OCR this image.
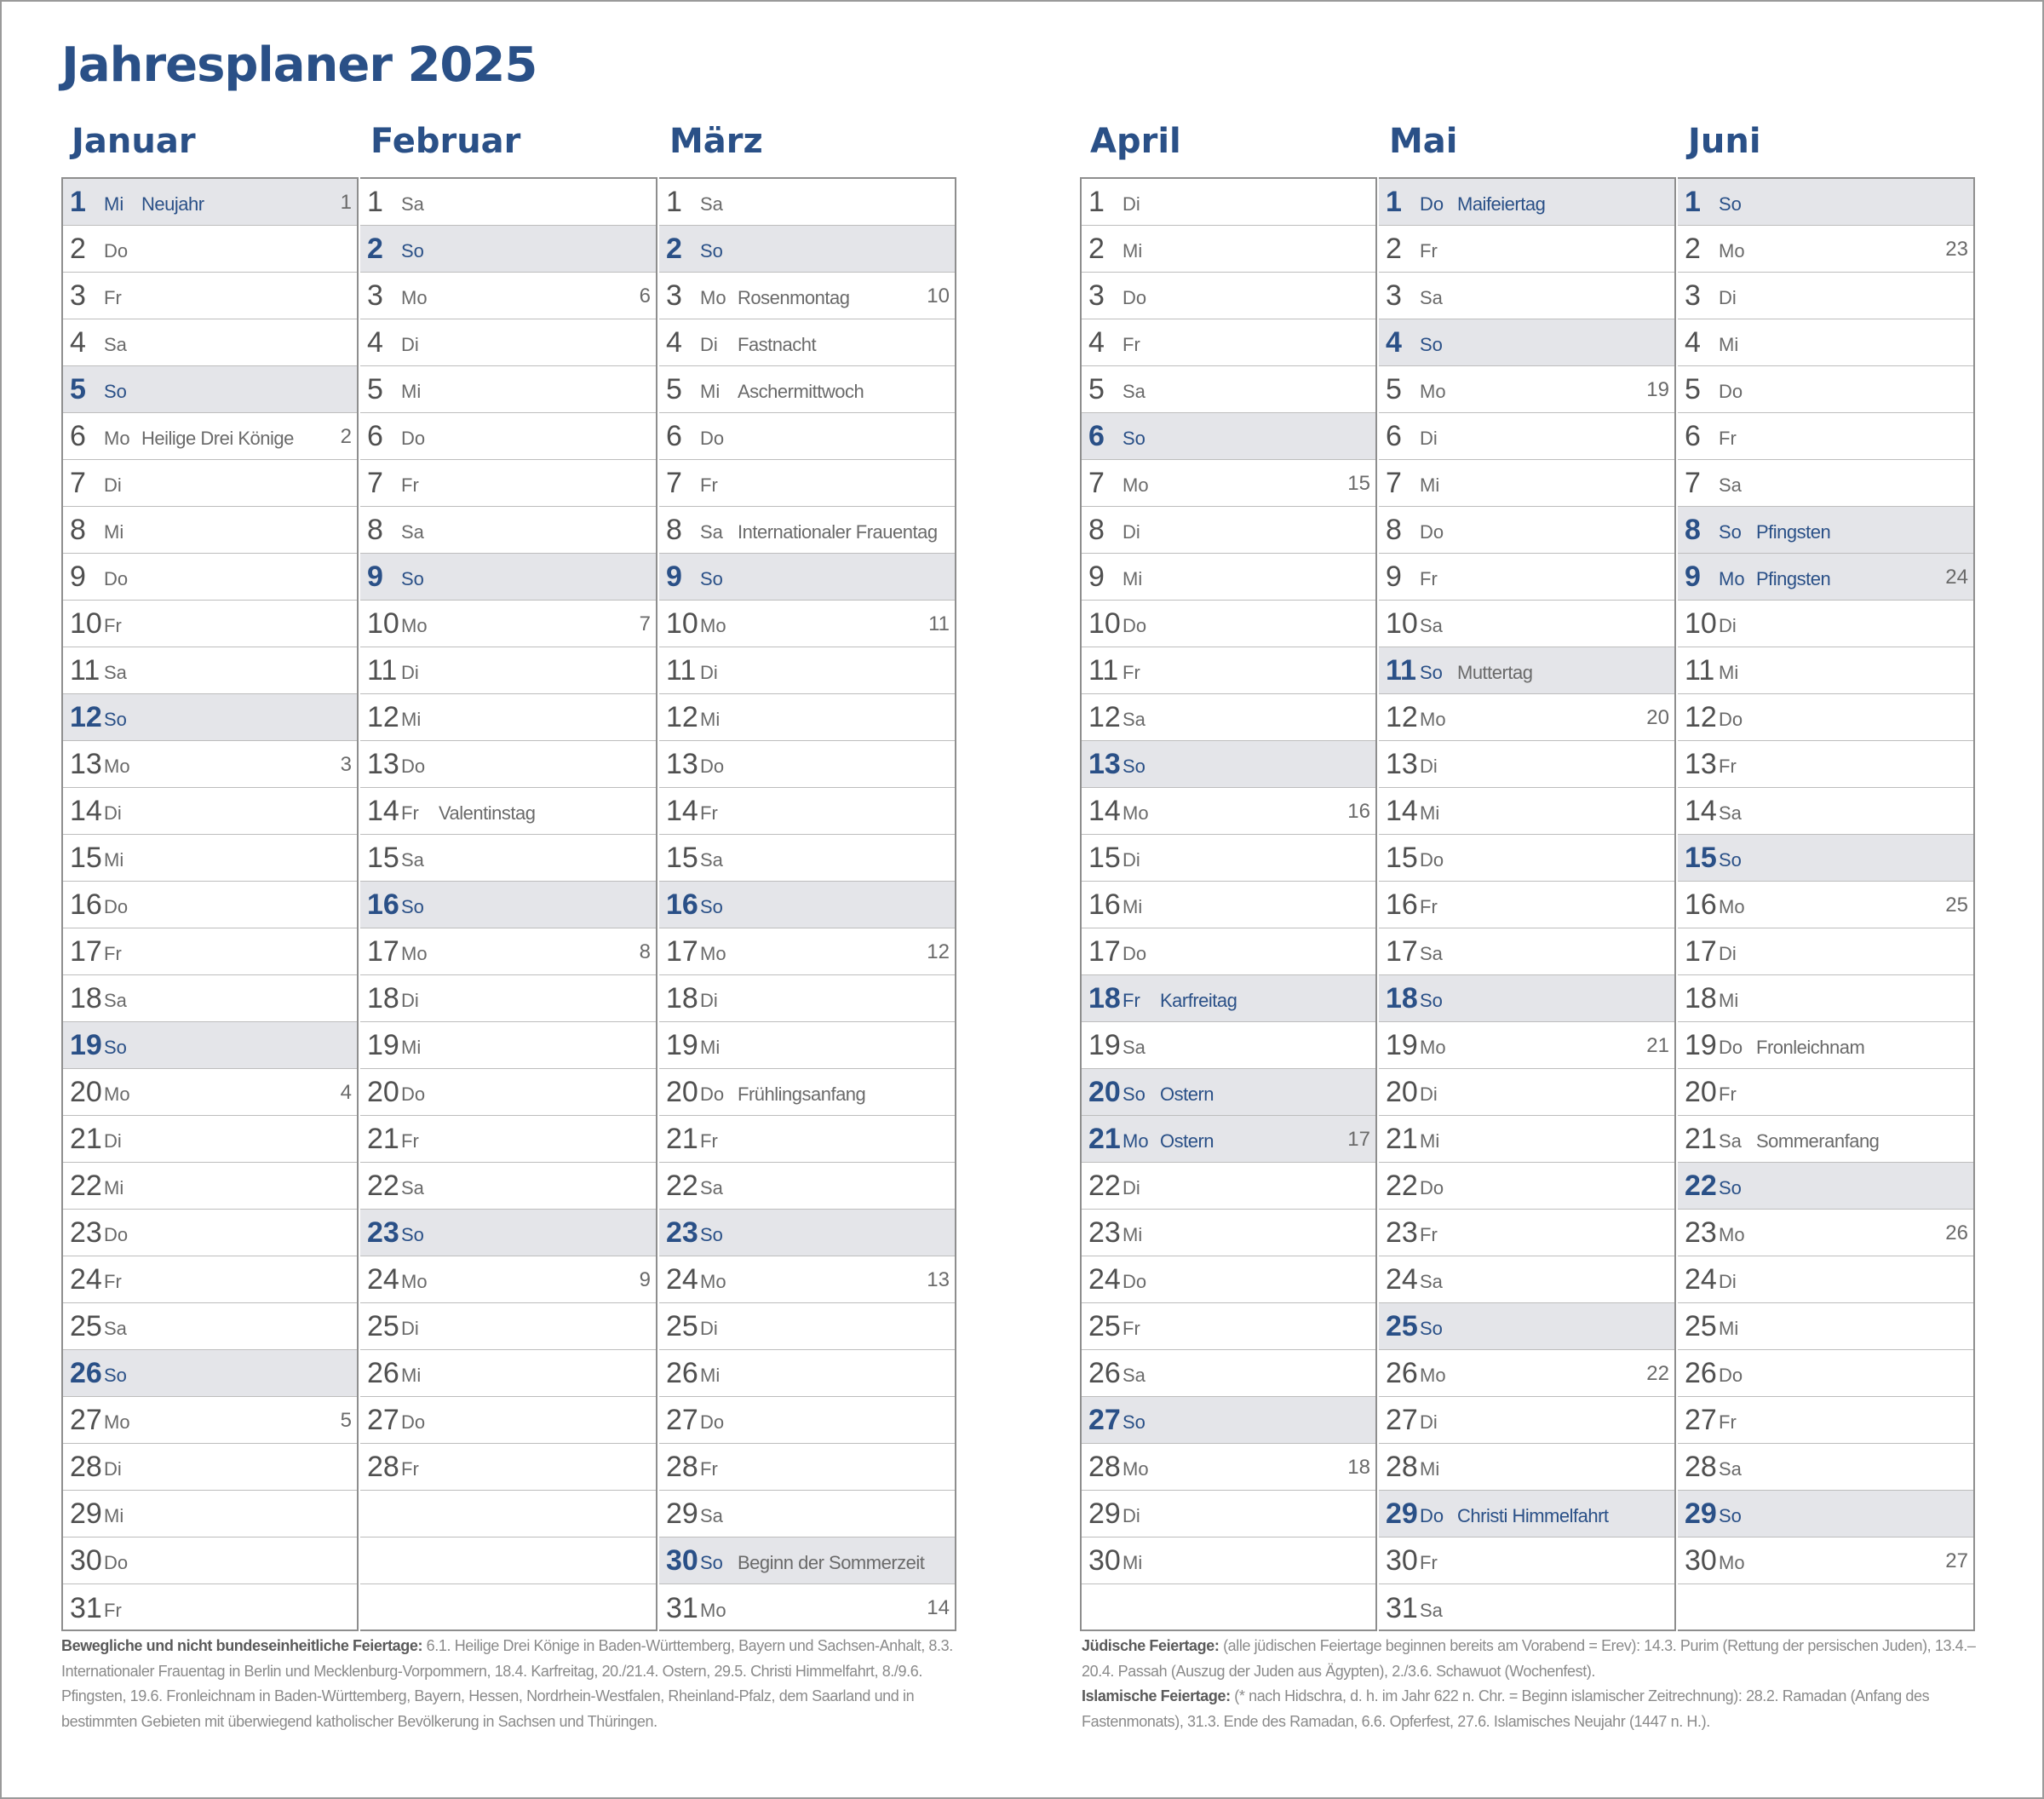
Jahresplaner 2025
Januar
1 Mi Neujahr	1
2 Do
3 Fr
4 Sa
5 So
6 Mo Heilige Drei Könige 2
7 Di
8 Mi
9 Do
10 Fr
11 Sa
12 So
13 Mo	3
14 Di
15 Mi
16 Do
17 Fr
18 Sa
19 So
20 Mo	4
21 Di
22 Mi
23 Do
24 Fr
25 Sa
26 So
27 Mo	5
28 Di
29 Mi
30 Do
31 Fr
Februar
1 Sa
2 So
3 Mo	6
4 Di
5 Mi
6 Do
7 Fr
8 Sa
9 So
10 Mo	7
11 Di
12 Mi
13 Do
14 Fr	Valentinstag
15 Sa
16 So
17 Mo	8
18 Di
19 Mi
20 Do
21 Fr
22 Sa
23 So
24 Mo	9
25 Di
26 Mi
27 Do
28 Fr
März
1 Sa
2 So
3 Mo Rosenmontag	10
4 Di	Fastnacht
5 Mi Aschermittwoch
6 Do
7 Fr
8 Sa Internationaler Frauentag
9 So
10 Mo	11
11 Di
12 Mi
13 Do
14 Fr
15 Sa
16 So
17 Mo	12
18 Di
19 Mi
20 Do Frühlingsanfang
21 Fr
22 Sa
23 So
24 Mo	13
25 Di
26 Mi
27 Do
28 Fr
29 Sa
30 So Beginn der Sommerzeit
31 Mo	14
April
1 Di
2 Mi
3 Do
4 Fr
5 Sa
6 So
7 Mo	15
8 Di
9 Mi
10 Do
11 Fr
12 Sa
13 So
14 Mo	16
15 Di
16 Mi
17 Do
18 Fr	Karfreitag
19 Sa
20 So Ostern
21 Mo Ostern	17
22 Di
23 Mi
24 Do
25 Fr
26 Sa
27 So
28 Mo	18
29 Di
30 Mi
Mai
1 Do Maifeiertag
2 Fr
3 Sa
4 So
5 Mo	19
6 Di
7 Mi
8 Do
9 Fr
10 Sa
11 So Muttertag
12 Mo	20
13 Di
14 Mi
15 Do
16 Fr
17 Sa
18 So
19 Mo	21
20 Di
21 Mi
22 Do
23 Fr
24 Sa
25 So
26 Mo	22
27 Di
28 Mi
29 Do Christi Himmelfahrt
30 Fr
31 Sa
Juni
1 So
2 Mo	23
3 Di
4 Mi
5 Do
6 Fr
7 Sa
8 So Pfingsten
9 Mo Pfingsten	24
10 Di
11 Mi
12 Do
13 Fr
14 Sa
15 So
16 Mo	25
17 Di
18 Mi
19 Do Fronleichnam
20 Fr
21 Sa Sommeranfang
22 So
23 Mo	26
24 Di
25 Mi
26 Do
27 Fr
28 Sa
29 So
30 Mo	27
Bewegliche und nicht bundeseinheitliche Feiertage: 6.1. Heilige Drei Könige in Baden-Württemberg, Bayern und Sachsen-Anhalt, 8.3. Internationaler Frauentag in Berlin und Mecklenburg-Vorpommern, 18.4. Karfreitag, 20./21.4. Ostern, 29.5. Christi Himmelfahrt, 8./9.6. Pfingsten, 19.6. Fronleichnam in Baden-Württemberg, Bayern, Hessen, Nordrhein-Westfalen, Rheinland-Pfalz, dem Saarland und in bestimmten Gebieten mit überwiegend katholischer Bevölkerung in Sachsen und Thüringen.
Jüdische Feiertage: (alle jüdischen Feiertage beginnen bereits am Vorabend = Erev): 14.3. Purim (Rettung der persischen Juden), 13.4.–20.4. Passah (Auszug der Juden aus Ägypten), 2./3.6. Schawuot (Wochenfest).
Islamische Feiertage: (* nach Hidschra, d. h. im Jahr 622 n. Chr. = Beginn islamischer Zeitrechnung): 28.2. Ramadan (Anfang des Fastenmonats), 31.3. Ende des Ramadan, 6.6. Opferfest, 27.6. Islamisches Neujahr (1447 n. H.).
